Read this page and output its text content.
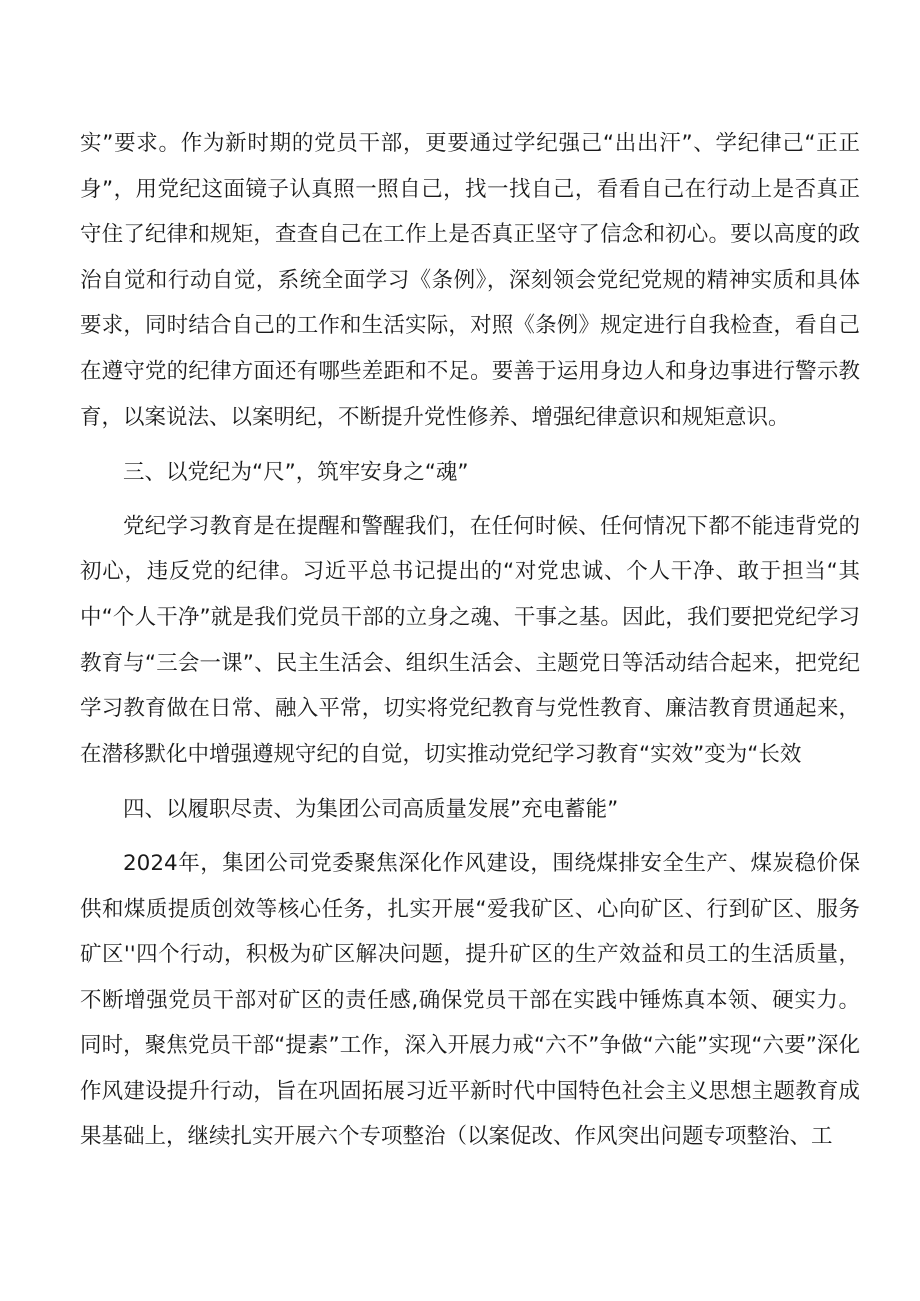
实”要求。作为新时期的党员干部，更要通过学纪强己“出出汗”、学纪律己“正正身”，用党纪这面镜子认真照一照自己，找一找自己，看看自己在行动上是否真正守住了纪律和规矩，查查自己在工作上是否真正坚守了信念和初心。要以高度的政治自觉和行动自觉，系统全面学习《条例》，深刻领会党纪党规的精神实质和具体要求，同时结合自己的工作和生活实际，对照《条例》规定进行自我检查，看自己在遵守党的纪律方面还有哪些差距和不足。要善于运用身边人和身边事进行警示教育，以案说法、以案明纪，不断提升党性修养、增强纪律意识和规矩意识。

三、以党纪为“尺”，筑牢安身之“魂”

党纪学习教育是在提醒和警醒我们，在任何时候、任何情况下都不能违背党的初心，违反党的纪律。习近平总书记提出的“对党忠诚、个人干净、敢于担当“其中“个人干净”就是我们党员干部的立身之魂、干事之基。因此，我们要把党纪学习教育与“三会一课”、民主生活会、组织生活会、主题党日等活动结合起来，把党纪学习教育做在日常、融入平常，切实将党纪教育与党性教育、廉洁教育贯通起来，在潜移默化中增强遵规守纪的自觉，切实推动党纪学习教育“实效”变为“长效

四、以履职尽责、为集团公司高质量发展”充电蓄能”

2024年，集团公司党委聚焦深化作风建设，围绕煤排安全生产、煤炭稳价保供和煤质提质创效等核心任务，扎实开展“爱我矿区、心向矿区、行到矿区、服务矿区''四个行动，积极为矿区解决问题，提升矿区的生产效益和员工的生活质量，不断增强党员干部对矿区的责任感,确保党员干部在实践中锤炼真本领、硬实力。同时，聚焦党员干部“提素”工作，深入开展力戒“六不”争做“六能”实现“六要”深化作风建设提升行动，旨在巩固拓展习近平新时代中国特色社会主义思想主题教育成果基础上，继续扎实开展六个专项整治（以案促改、作风突出问题专项整治、工
